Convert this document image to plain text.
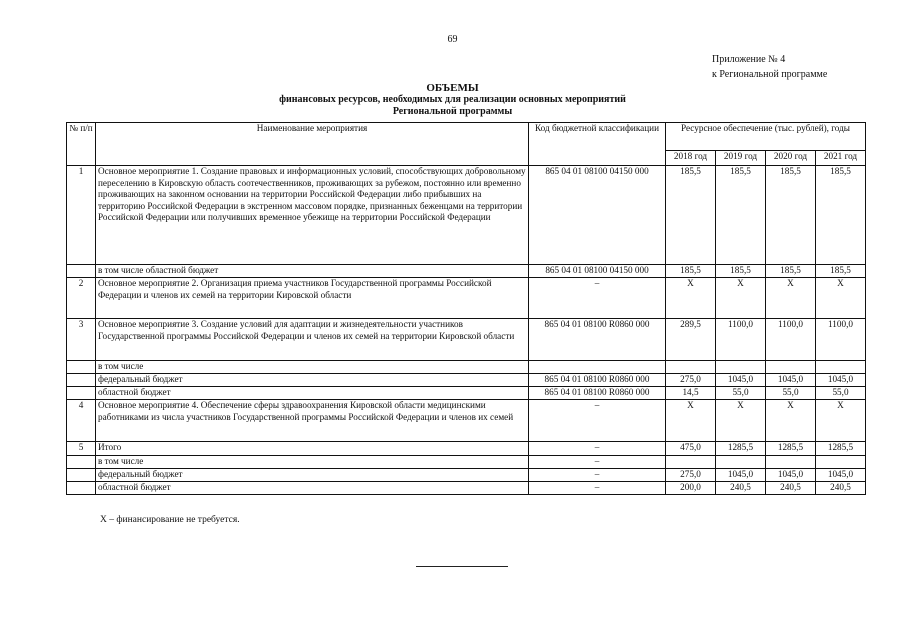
69
Приложение № 4
к Региональной программе
ОБЪЕМЫ
финансовых ресурсов, необходимых для реализации основных мероприятий
Региональной программы
№ п/п	Наименование мероприятия	Код бюджетной классификации	Ресурсное обеспечение (тыс. рублей), годы			
			2018 год	2019 год	2020 год	2021 год
1	Основное мероприятие 1. Создание правовых и информационных условий, способствующих добровольному переселению в Кировскую область соотечественников, проживающих за рубежом, постоянно или временно проживающих на законном основании на территории Российской Федерации либо прибывших на территорию Российской Федерации в экстренном массовом порядке, признанных беженцами на территории Российской Федерации или получивших временное убежище на территории Российской Федерации	865 04 01 08100 04150 000	185,5	185,5	185,5	185,5
	в том числе областной бюджет	865 04 01 08100 04150 000	185,5	185,5	185,5	185,5
2	Основное мероприятие 2. Организация приема участников Государственной программы Российской Федерации и членов их семей на территории Кировской области	–	Х	Х	Х	Х
3	Основное мероприятие 3. Создание условий для адаптации и жизнедеятельности участников Государственной программы Российской Федерации и членов их семей на территории Кировской области	865 04 01 08100 R0860 000	289,5	1100,0	1100,0	1100,0
	в том числе					
	федеральный бюджет	865 04 01 08100 R0860 000	275,0	1045,0	1045,0	1045,0
	областной бюджет	865 04 01 08100 R0860 000	14,5	55,0	55,0	55,0
4	Основное мероприятие 4. Обеспечение сферы здравоохранения Кировской области медицинскими работниками из числа участников Государственной программы Российской Федерации и членов их семей	–	Х	Х	Х	Х
5	Итого	–	475,0	1285,5	1285,5	1285,5
	в том числе	–				
	федеральный бюджет	–	275,0	1045,0	1045,0	1045,0
	областной бюджет	–	200,0	240,5	240,5	240,5
Х – финансирование не требуется.
